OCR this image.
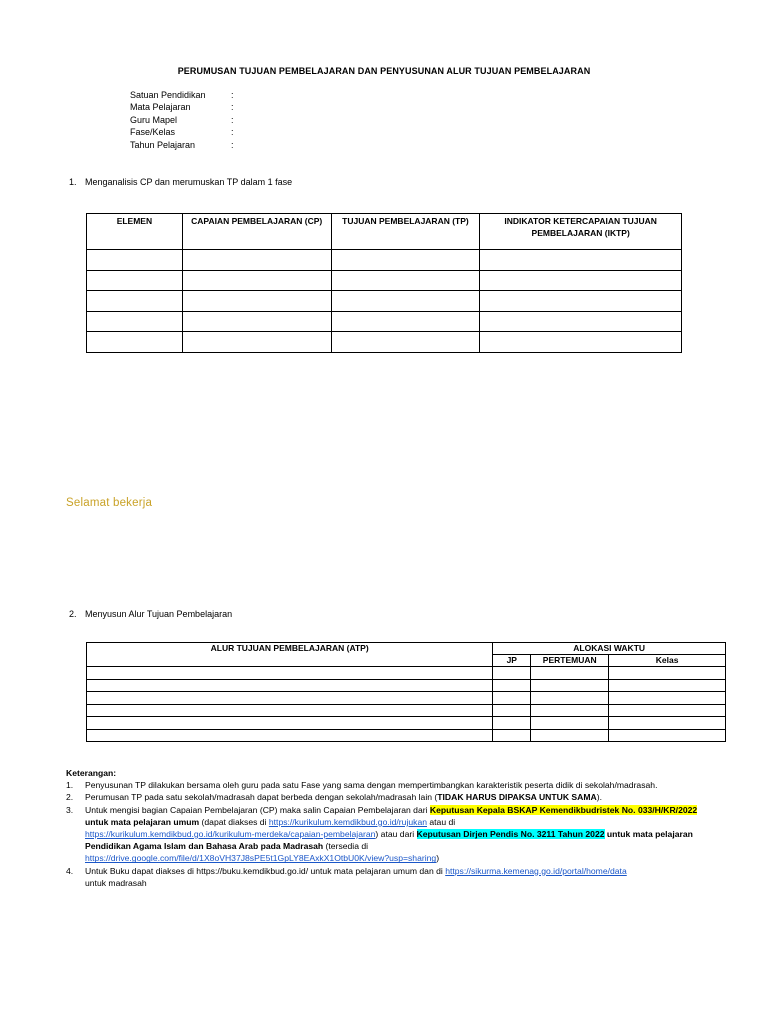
PERUMUSAN TUJUAN PEMBELAJARAN DAN PENYUSUNAN ALUR TUJUAN PEMBELAJARAN
Satuan Pendidikan	:
Mata Pelajaran	:
Guru Mapel	:
Fase/Kelas	:
Tahun Pelajaran	:
1. Menganalisis CP dan merumuskan TP dalam 1 fase
ELEMEN	CAPAIAN PEMBELAJARAN (CP)	TUJUAN PEMBELAJARAN (TP)	INDIKATOR KETERCAPAIAN TUJUAN PEMBELAJARAN (IKTP)

Selamat bekerja
2. Menyusun Alur Tujuan Pembelajaran
ALUR TUJUAN PEMBELAJARAN (ATP)	ALOKASI WAKTU		
	JP	PERTEMUAN	Kelas

Keterangan:
1.	Penyusunan TP dilakukan bersama oleh guru pada satu Fase yang sama dengan mempertimbangkan karakteristik peserta didik di sekolah/madrasah.
2.	Perumusan TP pada satu sekolah/madrasah dapat berbeda dengan sekolah/madrasah lain (TIDAK HARUS DIPAKSA UNTUK SAMA).
3.	Untuk mengisi bagian Capaian Pembelajaran (CP) maka salin Capaian Pembelajaran dari Keputusan Kepala BSKAP Kemendikbudristek No. 033/H/KR/2022 untuk mata pelajaran umum (dapat diakses di https://kurikulum.kemdikbud.go.id/rujukan atau di
https://kurikulum.kemdikbud.go.id/kurikulum-merdeka/capaian-pembelajaran) atau dari Keputusan Dirjen Pendis No. 3211 Tahun 2022 untuk mata pelajaran Pendidikan Agama Islam dan Bahasa Arab pada Madrasah (tersedia di
https://drive.google.com/file/d/1X8oVH37J8sPE5t1GpLY8EAxkX1OtbU0K/view?usp=sharing)
4.	Untuk Buku dapat diakses di https://buku.kemdikbud.go.id/ untuk mata pelajaran umum dan di https://sikurma.kemenag.go.id/portal/home/data
untuk madrasah
